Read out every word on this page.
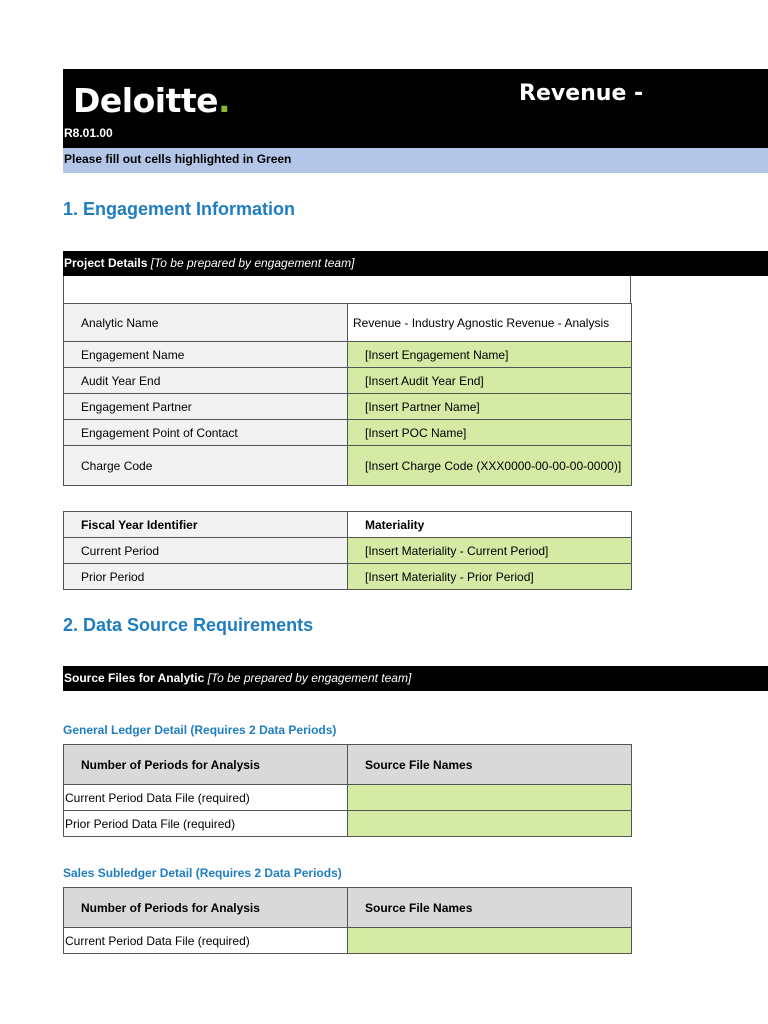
Deloitte.	Revenue -
R8.01.00
Please fill out cells highlighted in Green
1. Engagement Information
Project Details [To be prepared by engagement team]
Analytic Name	Revenue - Industry Agnostic Revenue - Analysis
Engagement Name	[Insert Engagement Name]
Audit Year End	[Insert Audit Year End]
Engagement Partner	[Insert Partner Name]
Engagement Point of Contact	[Insert POC Name]
Charge Code	[Insert Charge Code (XXX0000-00-00-00-0000)]
Fiscal Year Identifier	Materiality
Current Period	[Insert Materiality - Current Period]
Prior Period	[Insert Materiality - Prior Period]
2. Data Source Requirements
Source Files for Analytic [To be prepared by engagement team]
General Ledger Detail (Requires 2 Data Periods)
Number of Periods for Analysis	Source File Names
Current Period Data File (required)	
Prior Period Data File (required)	
Sales Subledger Detail (Requires 2 Data Periods)
Number of Periods for Analysis	Source File Names
Current Period Data File (required)	
